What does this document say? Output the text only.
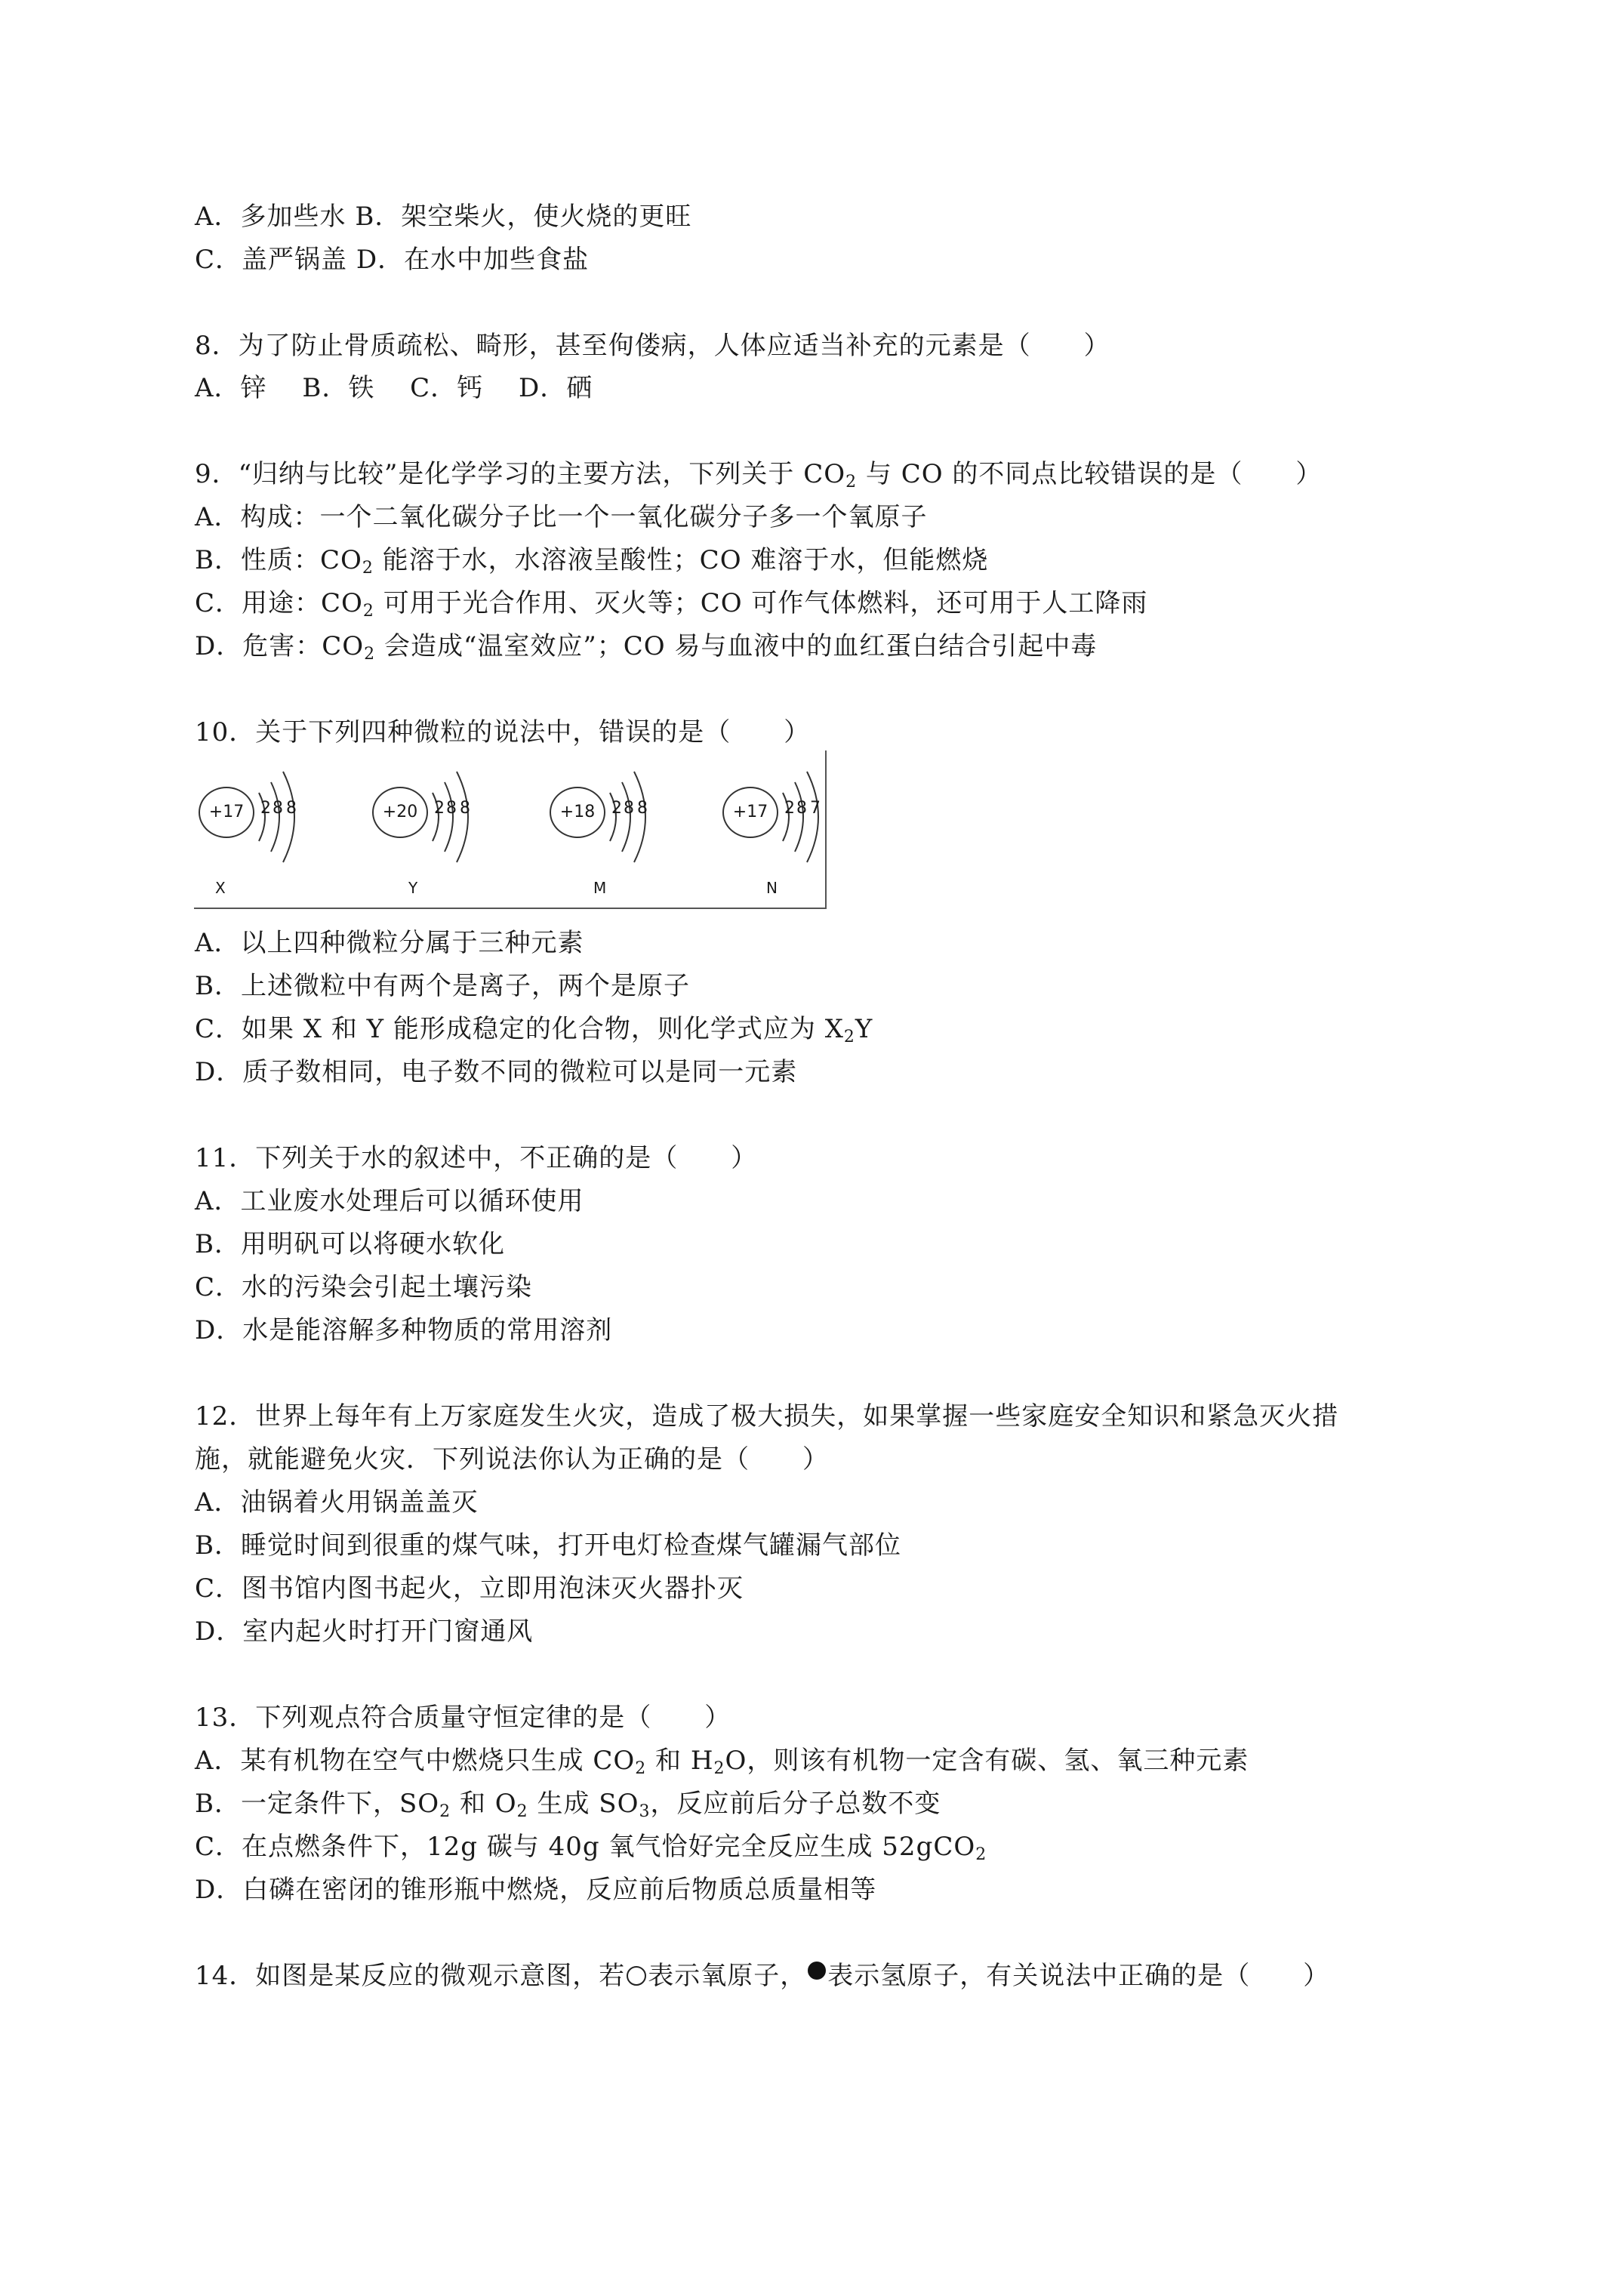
A．多加些水 B．架空柴火，使火烧的更旺
C．盖严锅盖 D．在水中加些食盐
8．为了防止骨质疏松、畸形，甚至佝偻病，人体应适当补充的元素是（　　）
A．锌　 B．铁　 C．钙　 D．硒
9．“归纳与比较”是化学学习的主要方法，下列关于 $CO_2$ 与 CO 的不同点比较错误的是（　　）
A．构成：一个二氧化碳分子比一个一氧化碳分子多一个氧原子
B．性质：$CO_2$ 能溶于水，水溶液呈酸性；CO 难溶于水，但能燃烧
C．用途：$CO_2$ 可用于光合作用、灭火等；CO 可作气体燃料，还可用于人工降雨
D．危害：$CO_2$ 会造成“温室效应”；CO 易与血液中的血红蛋白结合引起中毒
10．关于下列四种微粒的说法中，错误的是（　　）
+17 2 8 8
X
+20 2 8 8
Y
+18 2 8 8
M
+17 2 8 7
N
A．以上四种微粒分属于三种元素
B．上述微粒中有两个是离子，两个是原子
C．如果 X 和 Y 能形成稳定的化合物，则化学式应为 $X_2Y$
D．质子数相同，电子数不同的微粒可以是同一元素
11．下列关于水的叙述中，不正确的是（　　）
A．工业废水处理后可以循环使用
B．用明矾可以将硬水软化
C．水的污染会引起土壤污染
D．水是能溶解多种物质的常用溶剂
12．世界上每年有上万家庭发生火灾，造成了极大损失，如果掌握一些家庭安全知识和紧急灭火措
施，就能避免火灾．下列说法你认为正确的是（　　）
A．油锅着火用锅盖盖灭
B．睡觉时间到很重的煤气味，打开电灯检查煤气罐漏气部位
C．图书馆内图书起火，立即用泡沫灭火器扑灭
D．室内起火时打开门窗通风
13．下列观点符合质量守恒定律的是（　　）
A．某有机物在空气中燃烧只生成 $CO_2$ 和 $H_2O$，则该有机物一定含有碳、氢、氧三种元素
B．一定条件下，$SO_2$ 和 $O_2$ 生成 $SO_3$，反应前后分子总数不变
C．在点燃条件下，12g 碳与 40g 氧气恰好完全反应生成 52gCO$_2$
D．白磷在密闭的锥形瓶中燃烧，反应前后物质总质量相等
14．如图是某反应的微观示意图，若 表示氧原子， 表示氢原子，有关说法中正确的是（　　）
